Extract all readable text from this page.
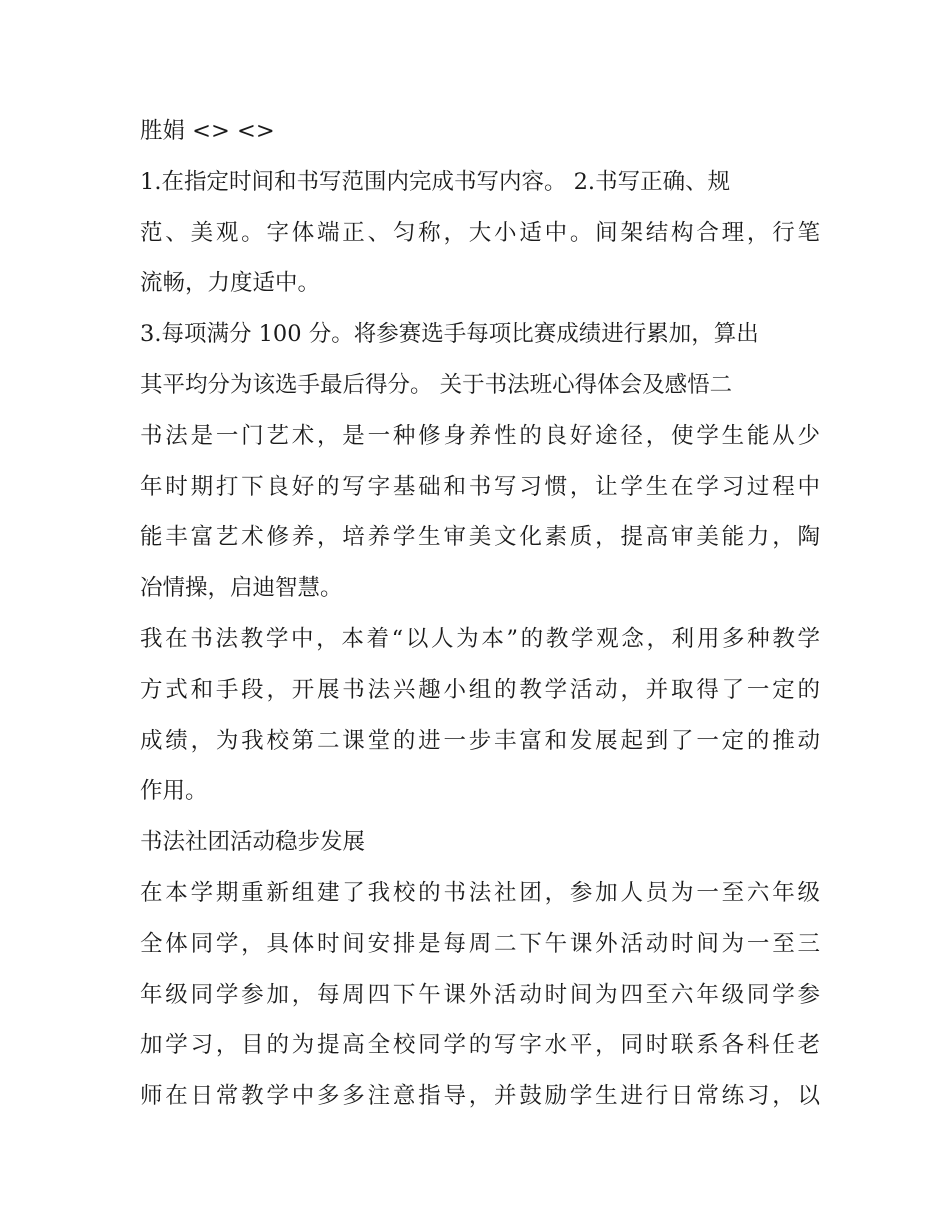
胜娟 <> <>
1.在指定时间和书写范围内完成书写内容。 2.书写正确、规
范、美观。字体端正、匀称，大小适中。间架结构合理，行笔
流畅，力度适中。
3.每项满分 100 分。将参赛选手每项比赛成绩进行累加，算出
其平均分为该选手最后得分。 关于书法班心得体会及感悟二
书法是一门艺术，是一种修身养性的良好途径，使学生能从少
年时期打下良好的写字基础和书写习惯，让学生在学习过程中
能丰富艺术修养，培养学生审美文化素质，提高审美能力，陶
冶情操，启迪智慧。
我在书法教学中，本着“以人为本”的教学观念，利用多种教学
方式和手段，开展书法兴趣小组的教学活动，并取得了一定的
成绩，为我校第二课堂的进一步丰富和发展起到了一定的推动
作用。
书法社团活动稳步发展
在本学期重新组建了我校的书法社团，参加人员为一至六年级
全体同学，具体时间安排是每周二下午课外活动时间为一至三
年级同学参加，每周四下午课外活动时间为四至六年级同学参
加学习，目的为提高全校同学的写字水平，同时联系各科任老
师在日常教学中多多注意指导，并鼓励学生进行日常练习，以
